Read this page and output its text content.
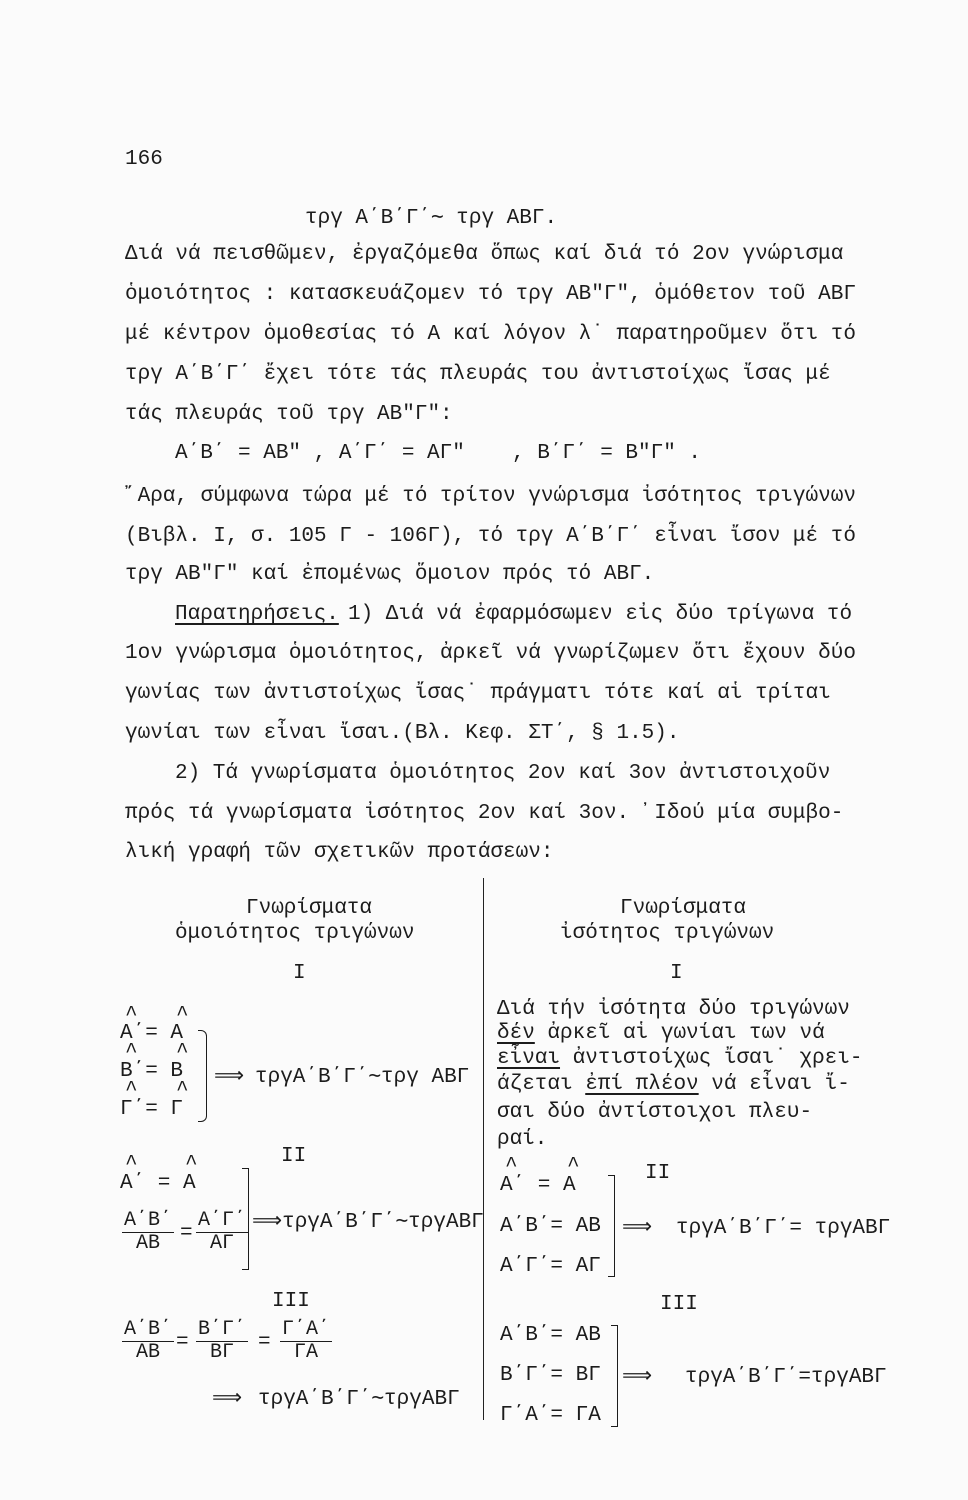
166
τργ Α΄Β΄Γ΄∼ τργ ΑΒΓ.
Διά νά πεισθῶμεν, ἐργαζόμεθα ὅπως καί διά τό 2ον γνώρισμα
ὁμοιότητος : κατασκευάζομεν τό τργ ΑΒ″Γ″, ὁμόθετον τοῦ ΑΒΓ
μέ κέντρον ὁμοθεσίας τό Α καί λόγον λ˙ παρατηροῦμεν ὅτι τό
τργ Α΄Β΄Γ΄ ἔχει τότε τάς πλευράς του ἀντιστοίχως ἴσας μέ
τάς πλευράς τοῦ τργ ΑΒ″Γ″:
Α΄Β΄ = ΑΒ″ , Α΄Γ΄ = ΑΓ″ , Β΄Γ΄ = Β″Γ″ .
῎Αρα, σύμφωνα τώρα μέ τό τρίτον γνώρισμα ἰσότητος τριγώνων
(Βιβλ. Ι, σ. 105 Γ - 106Γ), τό τργ Α΄Β΄Γ΄ εἶναι ἴσον μέ τό
τργ ΑΒ″Γ″ καί ἐπομένως ὅμοιον πρός τό ΑΒΓ.
Παρατηρήσεις. 1) Διά νά ἐφαρμόσωμεν εἰς δύο τρίγωνα τό
1ον γνώρισμα ὁμοιότητος, ἀρκεῖ νά γνωρίζωμεν ὅτι ἔχουν δύο
γωνίας των ἀντιστοίχως ἴσας˙ πράγματι τότε καί αἱ τρίται
γωνίαι των εἶναι ἴσαι.(Βλ. Κεφ. ΣΤ΄, § 1.5).
2) Τά γνωρίσματα ὁμοιότητος 2ον καί 3ον ἀντιστοιχοῦν
πρός τά γνωρίσματα ἰσότητος 2ον καί 3ον. ᾽Ιδού μία συμβο-
λική γραφή τῶν σχετικῶν προτάσεων:
Γνωρίσματα
ὁμοιότητος τριγώνων
I
^ ^
Α΄= Α
^ ^
Β΄= Β
^ ^
Γ΄= Γ
⟹ τργΑ΄Β΄Γ΄∼τργ ΑΒΓ
II
^ ^
Α΄ = Α
$\frac{A΄B΄}{AB} = \frac{A΄\Gamma΄}{A\Gamma}$ ⟹τργΑ΄Β΄Γ΄∼τργΑΒΓ
III
$\frac{A΄B΄}{AB} = \frac{B΄\Gamma΄}{B\Gamma} = \frac{\Gamma΄A΄}{\Gamma A}$
⟹ τργΑ΄Β΄Γ΄∼τργΑΒΓ
Γνωρίσματα
ἰσότητος τριγώνων
I
Διά τήν ἰσότητα δύο τριγώνων
δέν ἀρκεῖ αἱ γωνίαι των νά
εἶναι ἀντιστοίχως ἴσαι˙ χρει-
άζεται ἐπί πλέον νά εἶναι ἴ-
σαι δύο ἀντίστοιχοι πλευ-
ραί.
II
^ ^
Α΄ = Α
Α΄Β΄= ΑΒ
Α΄Γ΄= ΑΓ
⟹ τργΑ΄Β΄Γ΄= τργΑΒΓ
III
Α΄Β΄= ΑΒ
Β΄Γ΄= ΒΓ
Γ΄Α΄= ΓΑ
⟹ τργΑ΄Β΄Γ΄=τργΑΒΓ
